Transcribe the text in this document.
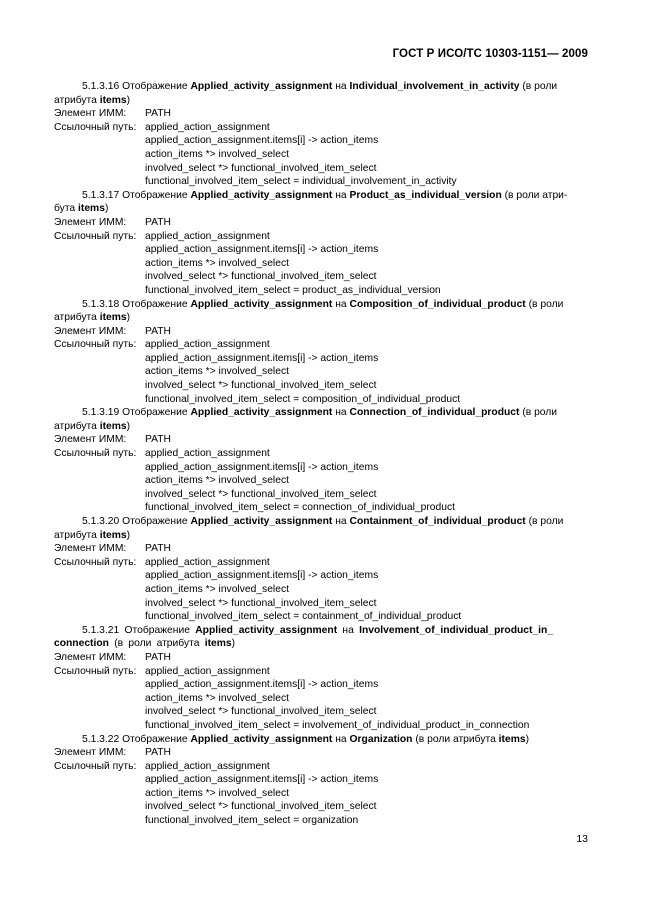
ГОСТ Р ИСО/ТС 10303-1151— 2009
5.1.3.16 Отображение Applied_activity_assignment на Individual_involvement_in_activity (в роли атрибута items)
Элемент ИММ:	PATH
Ссылочный путь: applied_action_assignment
applied_action_assignment.items[i] -> action_items
action_items *> involved_select
involved_select *> functional_involved_item_select
functional_involved_item_select = individual_involvement_in_activity
5.1.3.17 Отображение Applied_activity_assignment на Product_as_individual_version (в роли атри- бута items)
Элемент ИММ:	PATH
Ссылочный путь: applied_action_assignment
applied_action_assignment.items[i] -> action_items
action_items *> involved_select
involved_select *> functional_involved_item_select
functional_involved_item_select = product_as_individual_version
5.1.3.18 Отображение Applied_activity_assignment на Composition_of_individual_product (в роли атрибута items)
Элемент ИММ:	PATH
Ссылочный путь: applied_action_assignment
applied_action_assignment.items[i] -> action_items
action_items *> involved_select
involved_select *> functional_involved_item_select
functional_involved_item_select = composition_of_individual_product
5.1.3.19 Отображение Applied_activity_assignment на Connection_of_individual_product (в роли атрибута items)
Элемент ИММ:	PATH
Ссылочный путь: applied_action_assignment
applied_action_assignment.items[i] -> action_items
action_items *> involved_select
involved_select *> functional_involved_item_select
functional_involved_item_select = connection_of_individual_product
5.1.3.20 Отображение Applied_activity_assignment на Containment_of_individual_product (в роли атрибута items)
Элемент ИММ:	PATH
Ссылочный путь: applied_action_assignment
applied_action_assignment.items[i] -> action_items
action_items *> involved_select
involved_select *> functional_involved_item_select
functional_involved_item_select = containment_of_individual_product
5.1.3.21 Отображение Applied_activity_assignment на Involvement_of_individual_product_in_ connection (в роли атрибута items)
Элемент ИММ:	PATH
Ссылочный путь: applied_action_assignment
applied_action_assignment.items[i] -> action_items
action_items *> involved_select
involved_select *> functional_involved_item_select
functional_involved_item_select = involvement_of_individual_product_in_connection
5.1.3.22 Отображение Applied_activity_assignment на Organization (в роли атрибута items)
Элемент ИММ:	PATH
Ссылочный путь: applied_action_assignment
applied_action_assignment.items[i] -> action_items
action_items *> involved_select
involved_select *> functional_involved_item_select
functional_involved_item_select = organization
13
